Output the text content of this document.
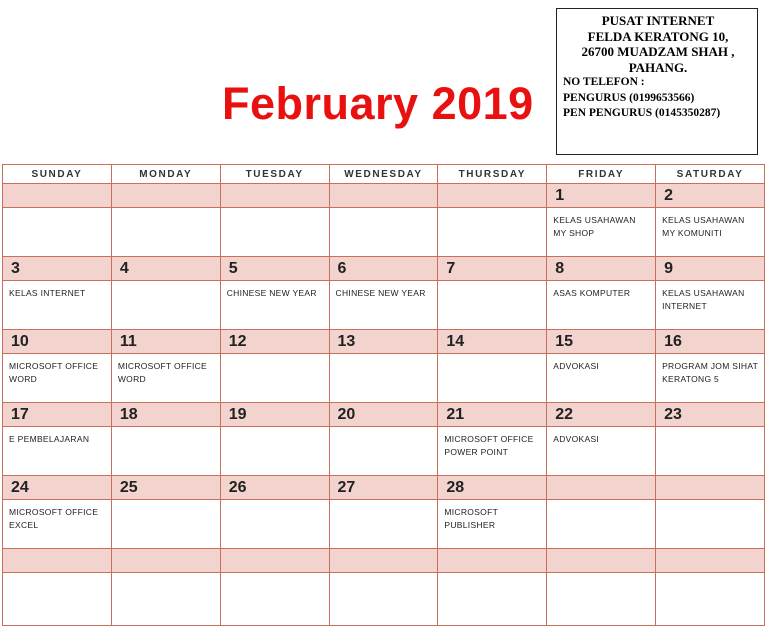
February 2019
PUSAT INTERNET
FELDA KERATONG 10,
26700 MUADZAM SHAH ,
PAHANG.
NO TELEFON :
PENGURUS (0199653566)
PEN PENGURUS (0145350287)
SUNDAY	MONDAY	TUESDAY	WEDNESDAY	THURSDAY	FRIDAY	SATURDAY
					1	2
					KELAS USAHAWAN MY SHOP	KELAS USAHAWAN MY KOMUNITI
3	4	5	6	7	8	9
KELAS INTERNET		CHINESE NEW YEAR	CHINESE NEW YEAR		ASAS KOMPUTER	KELAS USAHAWAN INTERNET
10	11	12	13	14	15	16
MICROSOFT OFFICE WORD	MICROSOFT OFFICE WORD				ADVOKASI	PROGRAM JOM SIHAT KERATONG 5
17	18	19	20	21	22	23
E PEMBELAJARAN				MICROSOFT OFFICE POWER POINT	ADVOKASI	
24	25	26	27	28		
MICROSOFT OFFICE EXCEL				MICROSOFT PUBLISHER		
